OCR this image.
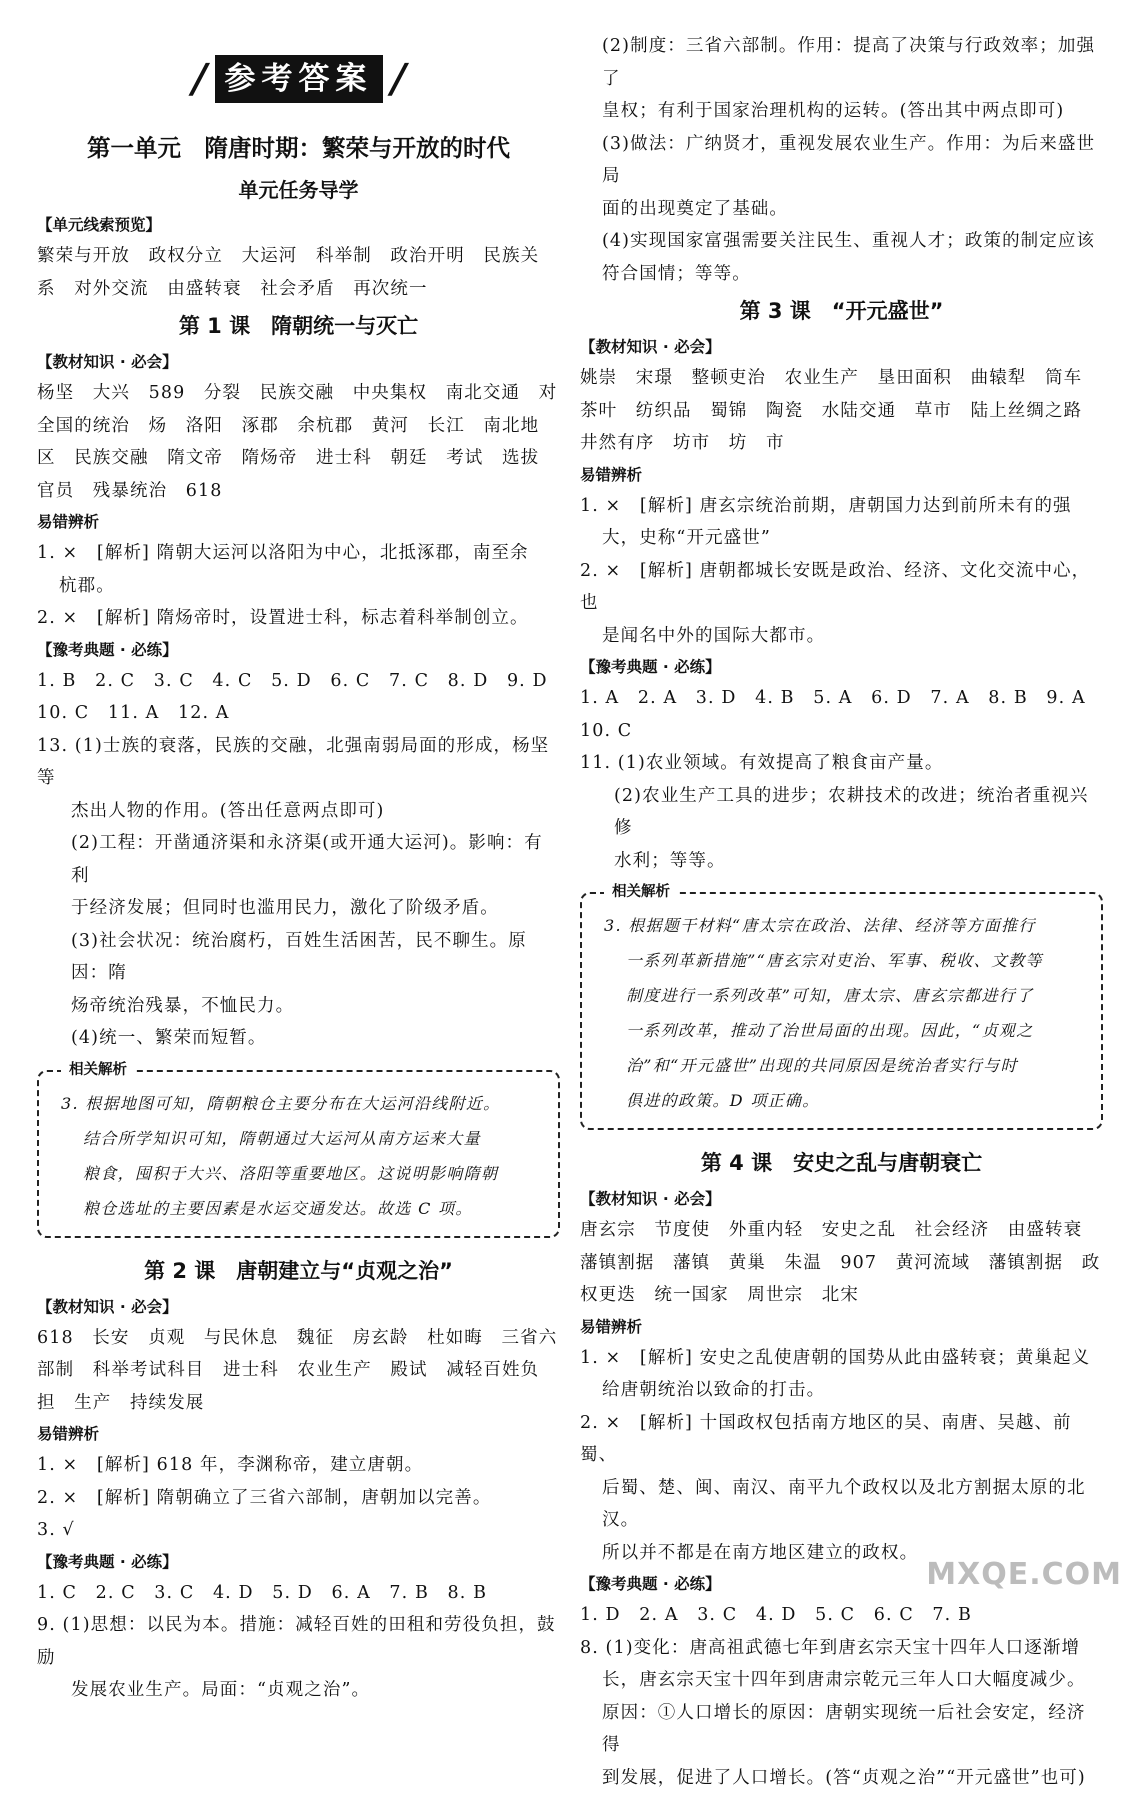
/ 参考答案 /

第一单元　隋唐时期：繁荣与开放的时代

单元任务导学

【单元线索预览】

繁荣与开放　政权分立　大运河　科举制　政治开明　民族关

系　对外交流　由盛转衰　社会矛盾　再次统一

第 1 课　隋朝统一与灭亡

【教材知识 · 必会】

杨坚　大兴　589　分裂　民族交融　中央集权　南北交通　对

全国的统治　炀　洛阳　涿郡　余杭郡　黄河　长江　南北地

区　民族交融　隋文帝　隋炀帝　进士科　朝廷　考试　选拔

官员　残暴统治　618

易错辨析

1. ×　[解析] 隋朝大运河以洛阳为中心，北抵涿郡，南至余

杭郡。

2. ×　[解析] 隋炀帝时，设置进士科，标志着科举制创立。

【豫考典题 · 必练】

1. B　2. C　3. C　4. C　5. D　6. C　7. C　8. D　9. D

10. C　11. A　12. A

13. (1)士族的衰落，民族的交融，北强南弱局面的形成，杨坚等

杰出人物的作用。(答出任意两点即可)

(2)工程：开凿通济渠和永济渠(或开通大运河)。影响：有利

于经济发展；但同时也滥用民力，激化了阶级矛盾。

(3)社会状况：统治腐朽，百姓生活困苦，民不聊生。原因：隋

炀帝统治残暴，不恤民力。

(4)统一、繁荣而短暂。

相关解析

3. 根据地图可知，隋朝粮仓主要分布在大运河沿线附近。

结合所学知识可知，隋朝通过大运河从南方运来大量

粮食，囤积于大兴、洛阳等重要地区。这说明影响隋朝

粮仓选址的主要因素是水运交通发达。故选 C 项。

第 2 课　唐朝建立与“贞观之治”

【教材知识 · 必会】

618　长安　贞观　与民休息　魏征　房玄龄　杜如晦　三省六

部制　科举考试科目　进士科　农业生产　殿试　减轻百姓负

担　生产　持续发展

易错辨析

1. ×　[解析] 618 年，李渊称帝，建立唐朝。

2. ×　[解析] 隋朝确立了三省六部制，唐朝加以完善。

3. √

【豫考典题 · 必练】

1. C　2. C　3. C　4. D　5. D　6. A　7. B　8. B

9. (1)思想：以民为本。措施：减轻百姓的田租和劳役负担，鼓励

发展农业生产。局面：“贞观之治”。

(2)制度：三省六部制。作用：提高了决策与行政效率；加强了

皇权；有利于国家治理机构的运转。(答出其中两点即可)

(3)做法：广纳贤才，重视发展农业生产。作用：为后来盛世局

面的出现奠定了基础。

(4)实现国家富强需要关注民生、重视人才；政策的制定应该

符合国情；等等。

第 3 课　“开元盛世”

【教材知识 · 必会】

姚崇　宋璟　整顿吏治　农业生产　垦田面积　曲辕犁　筒车

茶叶　纺织品　蜀锦　陶瓷　水陆交通　草市　陆上丝绸之路

井然有序　坊市　坊　市

易错辨析

1. ×　[解析] 唐玄宗统治前期，唐朝国力达到前所未有的强

大，史称“开元盛世”

2. ×　[解析] 唐朝都城长安既是政治、经济、文化交流中心，也

是闻名中外的国际大都市。

【豫考典题 · 必练】

1. A　2. A　3. D　4. B　5. A　6. D　7. A　8. B　9. A

10. C

11. (1)农业领域。有效提高了粮食亩产量。

(2)农业生产工具的进步；农耕技术的改进；统治者重视兴修

水利；等等。

相关解析

3. 根据题干材料“唐太宗在政治、法律、经济等方面推行

一系列革新措施”“唐玄宗对吏治、军事、税收、文教等

制度进行一系列改革”可知，唐太宗、唐玄宗都进行了

一系列改革，推动了治世局面的出现。因此，“贞观之

治”和“开元盛世”出现的共同原因是统治者实行与时

俱进的政策。D 项正确。

第 4 课　安史之乱与唐朝衰亡

【教材知识 · 必会】

唐玄宗　节度使　外重内轻　安史之乱　社会经济　由盛转衰

藩镇割据　藩镇　黄巢　朱温　907　黄河流域　藩镇割据　政

权更迭　统一国家　周世宗　北宋

易错辨析

1. ×　[解析] 安史之乱使唐朝的国势从此由盛转衰；黄巢起义

给唐朝统治以致命的打击。

2. ×　[解析] 十国政权包括南方地区的吴、南唐、吴越、前蜀、

后蜀、楚、闽、南汉、南平九个政权以及北方割据太原的北汉。

所以并不都是在南方地区建立的政权。

【豫考典题 · 必练】

1. D　2. A　3. C　4. D　5. C　6. C　7. B

8. (1)变化：唐高祖武德七年到唐玄宗天宝十四年人口逐渐增

长，唐玄宗天宝十四年到唐肃宗乾元三年人口大幅度减少。

原因：①人口增长的原因：唐朝实现统一后社会安定，经济得

到发展，促进了人口增长。(答“贞观之治”“开元盛世”也可)

MXQE.COM
